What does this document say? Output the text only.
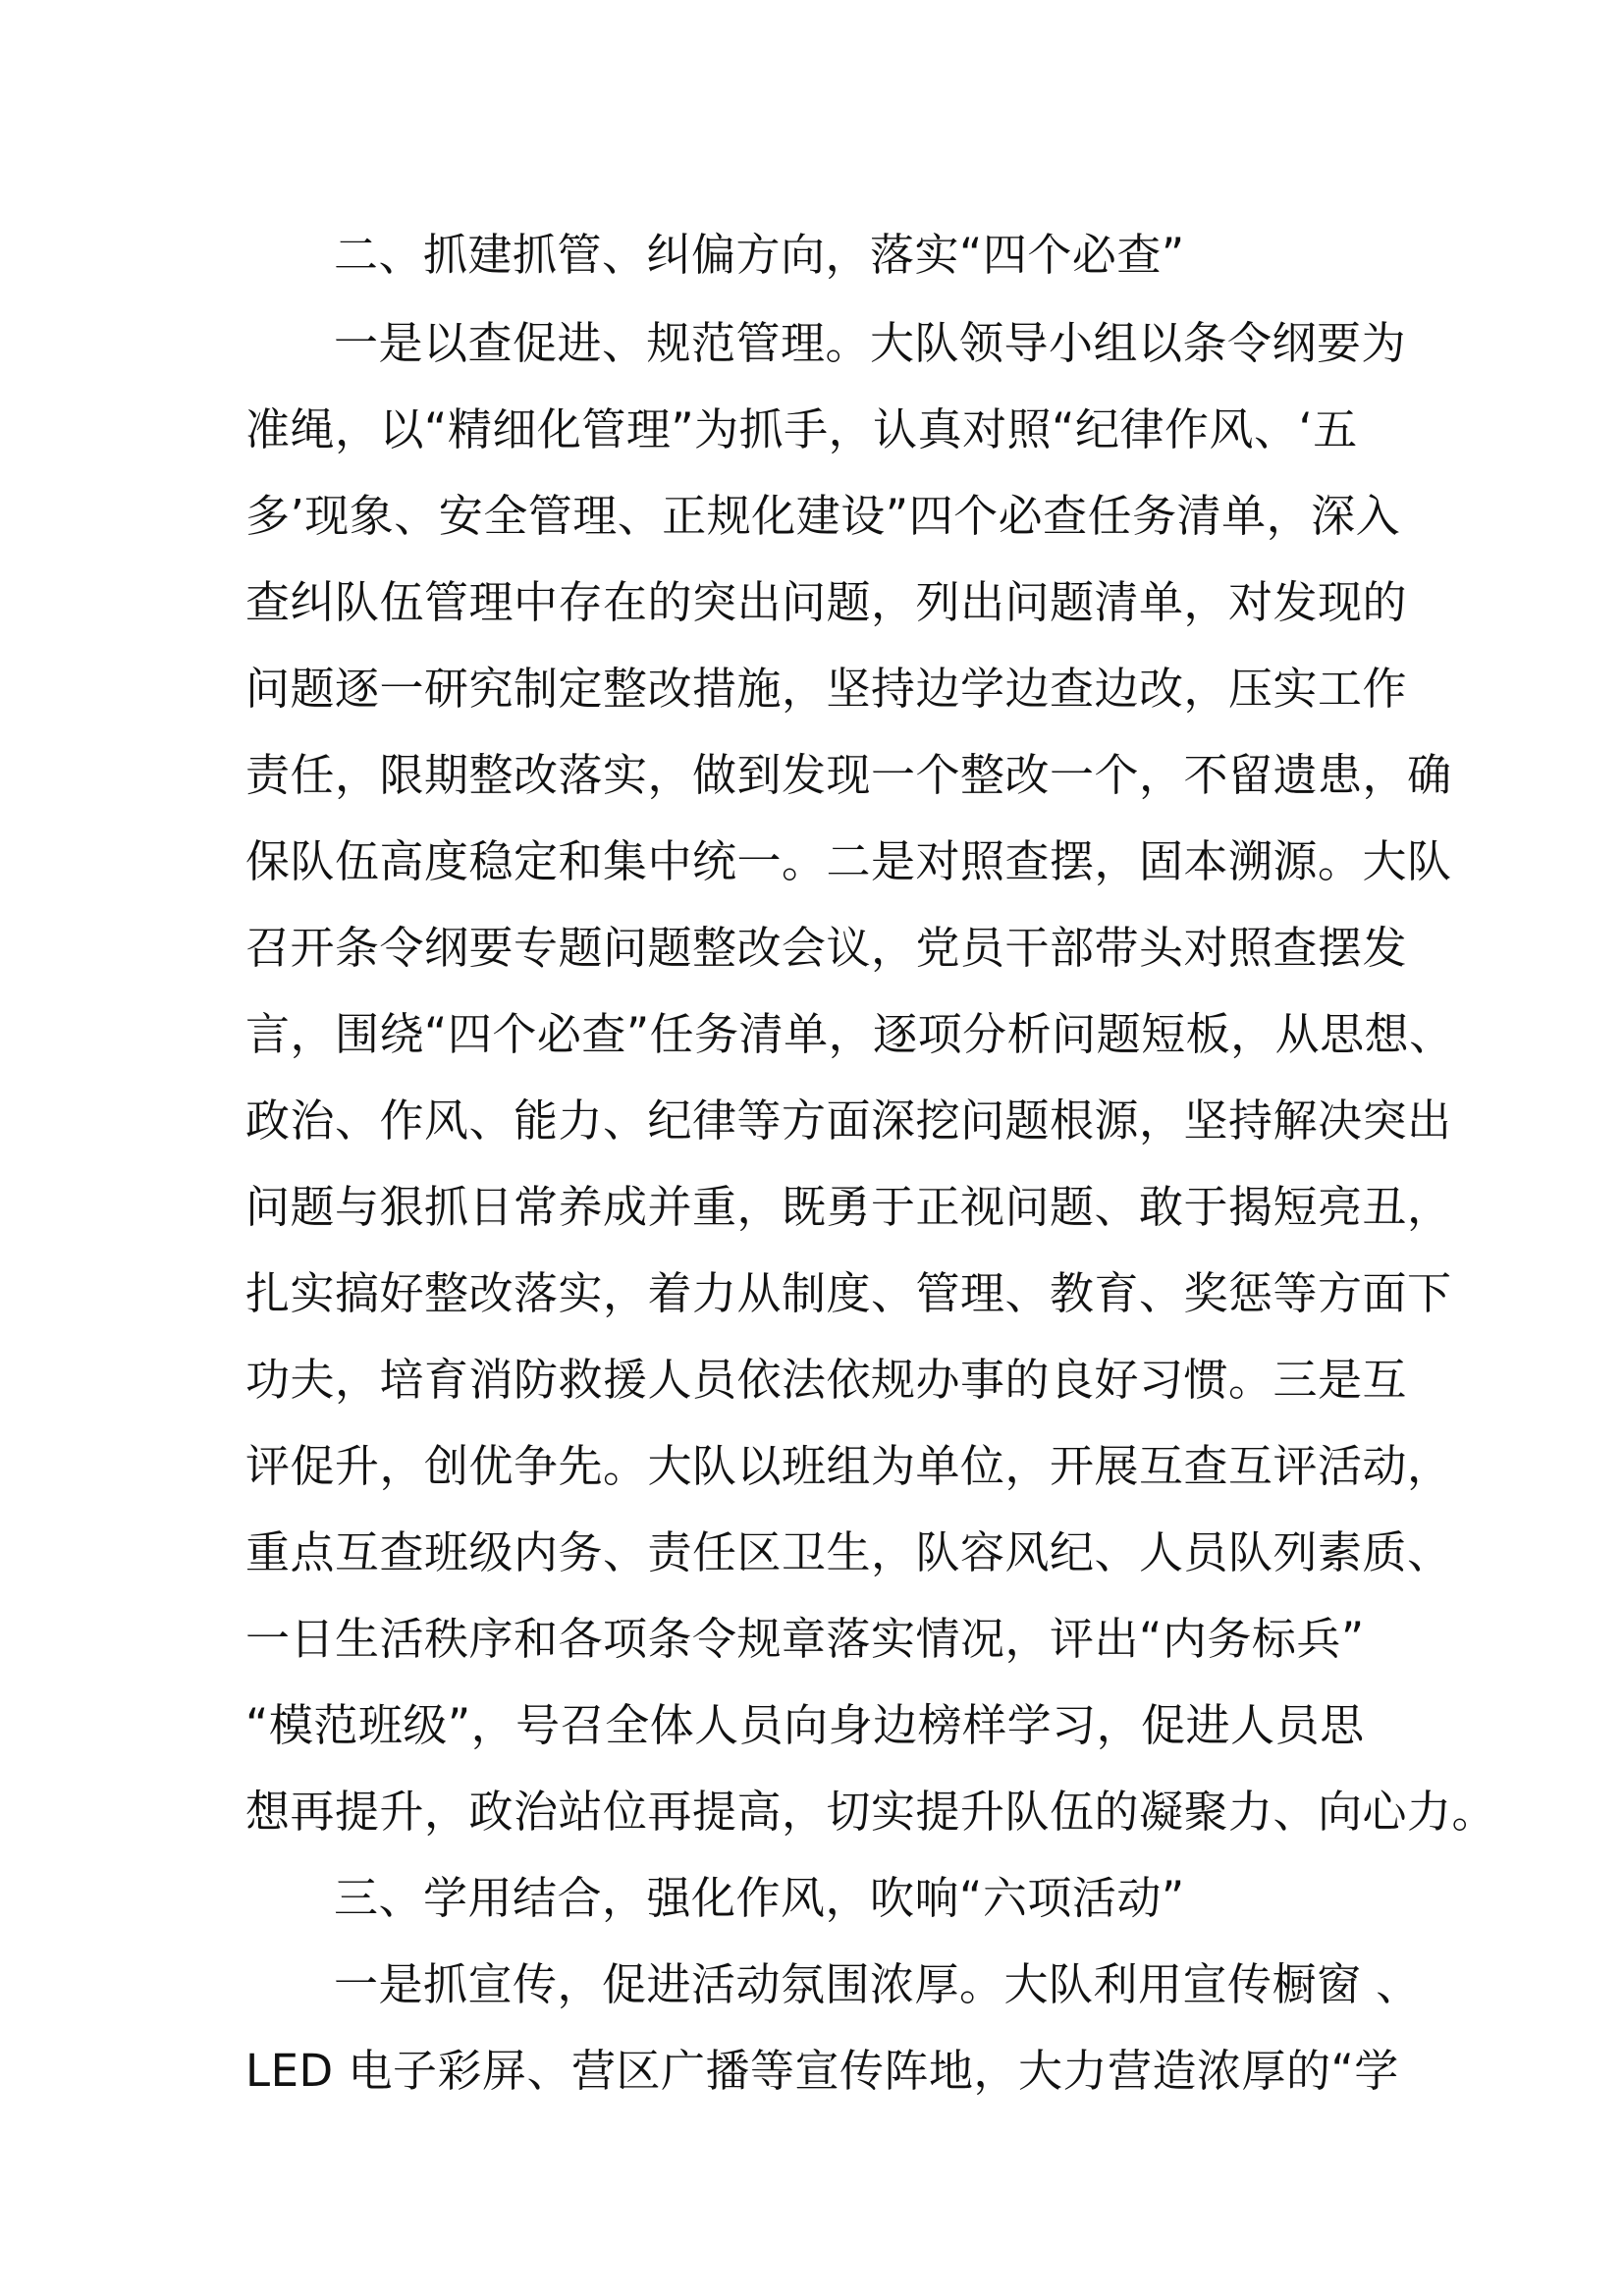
二、抓建抓管、纠偏方向，落实“四个必查”
一是以查促进、规范管理。大队领导小组以条令纲要为
准绳，以“精细化管理”为抓手，认真对照“纪律作风、‘五
多’现象、安全管理、正规化建设”四个必查任务清单，深入
查纠队伍管理中存在的突出问题，列出问题清单，对发现的
问题逐一研究制定整改措施，坚持边学边查边改，压实工作
责任，限期整改落实，做到发现一个整改一个，不留遗患，确
保队伍高度稳定和集中统一。二是对照查摆，固本溯源。大队
召开条令纲要专题问题整改会议，党员干部带头对照查摆发
言，围绕“四个必查”任务清单，逐项分析问题短板，从思想、
政治、作风、能力、纪律等方面深挖问题根源，坚持解决突出
问题与狠抓日常养成并重，既勇于正视问题、敢于揭短亮丑，
扎实搞好整改落实，着力从制度、管理、教育、奖惩等方面下
功夫，培育消防救援人员依法依规办事的良好习惯。三是互
评促升，创优争先。大队以班组为单位，开展互查互评活动，
重点互查班级内务、责任区卫生，队容风纪、人员队列素质、
一日生活秩序和各项条令规章落实情况，评出“内务标兵”
“模范班级”，号召全体人员向身边榜样学习，促进人员思
想再提升，政治站位再提高，切实提升队伍的凝聚力、向心力。
三、学用结合，强化作风，吹响“六项活动”
一是抓宣传，促进活动氛围浓厚。大队利用宣传橱窗 、
LED 电子彩屏、营区广播等宣传阵地，大力营造浓厚的“学
